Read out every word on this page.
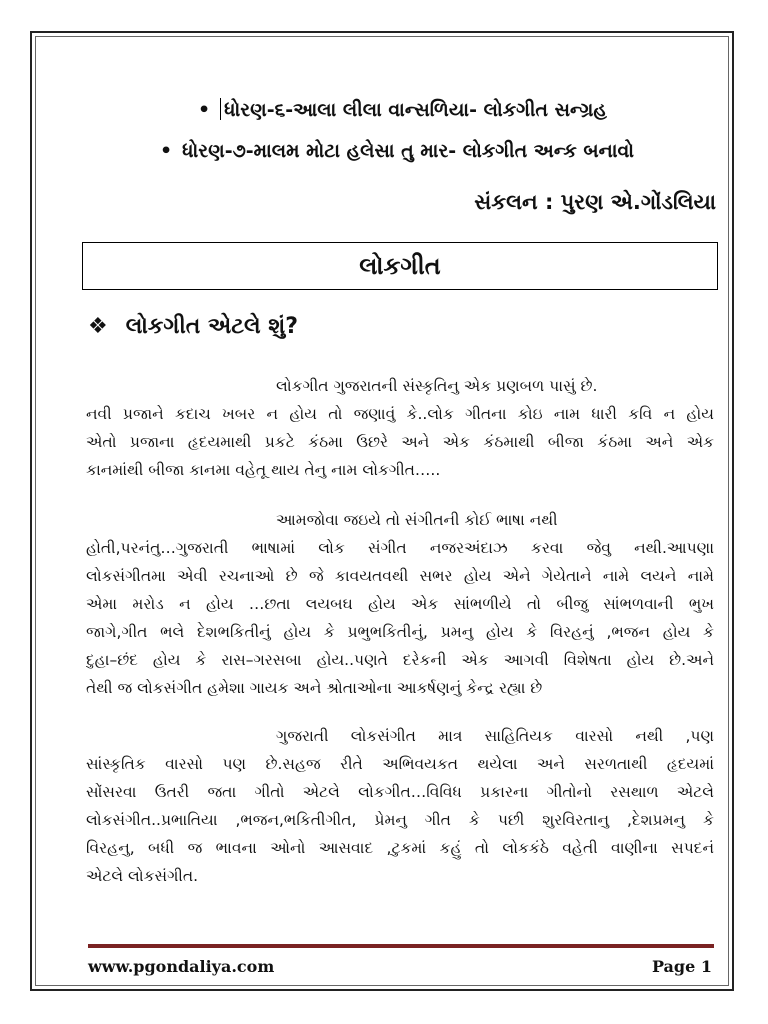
• ધોરણ-૬-આલા લીલા વાન્સળિયા- લોકગીત સન્ગ્રહ
• ધોરણ-૭-માલમ મોટા હલેસા તુ માર- લોકગીત અન્ક બનાવો
સંકલન : પુરણ એ.ગોંડલિયા
લોકગીત
❖ લોકગીત એટલે શું?
લોકગીત ગુજરાતની સંસ્કૃતિનુ એક પ્રણબળ પાસું છે.
નવી પ્રજાને કદાચ ખબર ન હોય તો જણાવું કે..લોક ગીતના કોઇ નામ ધારી કવિ ન હોય
એતો પ્રજાના હૃદયમાથી પ્રકટે કંઠમા ઉછરે અને એક કંઠમાથી બીજા કંઠમા અને એક
કાનમાંથી બીજા કાનમા વહેતૂ થાય તેનુ નામ લોકગીત…..
આમજોવા જઇયે તો સંગીતની કોઈ ભાષા નથી
હોતી,પરનંતુ…ગુજરાતી ભાષામાં લોક સંગીત નજરઅંદાઝ કરવા જેવુ નથી.આપણા
લોકસંગીતમા એવી રચનાઓ છે જે કાવયતવથી સભર હોય એને ગેયેતાને નામે લયને નામે
એમા મરોડ ન હોય …છતા લયબઘ હોય એક સાંભળીયે તો બીજુ સાંભળવાની ભુખ
જાગે,ગીત ભલે દેશભકિતીનું હોય કે પ્રભુભકિતીનું, પ્રમનુ હોય કે વિરહનું ,ભજન હોય કે
દુહા–છંદ હોય કે રાસ–ગરસબા હોય..પણતે દરેકની એક આગવી વિશેષતા હોય છે.અને
તેથી જ લોકસંગીત હમેશા ગાયક અને શ્રોતાઓના આકર્ષણનું કેન્દ્ર રહ્યા છે
ગુજરાતી લોકસંગીત માત્ર સાહિતિયક વારસો નથી ,પણ
સાંસ્કૃતિક વારસો પણ છે.સહજ રીતે અભિવયકત થયેલા અને સરળતાથી હૃદયમાં
સોંસરવા ઉતરી જતા ગીતો એટલે લોકગીત…વિવિધ પ્રકારના ગીતોનો રસથાળ એટલે
લોકસંગીત..પ્રભાતિયા ,ભજન,ભકિતીગીત, પ્રેમનુ ગીત કે પછી શુરવિરતાનુ ,દેશપ્રમનુ કે
વિરહનુ, બધી જ ભાવના ઓનો આસવાદ ,ટુકમાં કહું તો લોકકંઠે વહેતી વાણીના સપદનં
એટલે લોકસંગીત.
www.pgondaliya.com	Page 1
